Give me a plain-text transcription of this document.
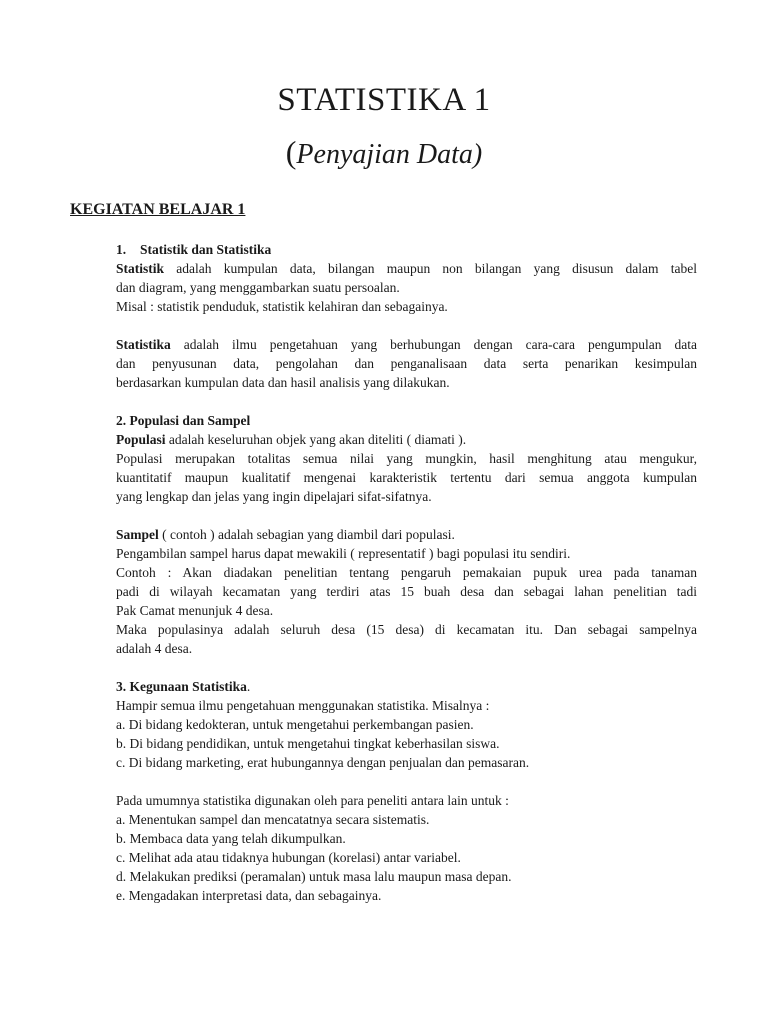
STATISTIKA 1
(Penyajian Data)
KEGIATAN BELAJAR 1
1. Statistik dan Statistika
Statistik adalah kumpulan data, bilangan maupun non bilangan yang disusun dalam tabel
dan diagram, yang menggambarkan suatu persoalan.
Misal : statistik penduduk, statistik kelahiran dan sebagainya.
Statistika adalah ilmu pengetahuan yang berhubungan dengan cara-cara pengumpulan data
dan penyusunan data, pengolahan dan penganalisaan data serta penarikan kesimpulan
berdasarkan kumpulan data dan hasil analisis yang dilakukan.
2. Populasi dan Sampel
Populasi adalah keseluruhan objek yang akan diteliti ( diamati ).
Populasi merupakan totalitas semua nilai yang mungkin, hasil menghitung atau mengukur,
kuantitatif maupun kualitatif mengenai karakteristik tertentu dari semua anggota kumpulan
yang lengkap dan jelas yang ingin dipelajari sifat-sifatnya.
Sampel ( contoh ) adalah sebagian yang diambil dari populasi.
Pengambilan sampel harus dapat mewakili ( representatif ) bagi populasi itu sendiri.
Contoh : Akan diadakan penelitian tentang pengaruh pemakaian pupuk urea pada tanaman
padi di wilayah kecamatan yang terdiri atas 15 buah desa dan sebagai lahan penelitian tadi
Pak Camat menunjuk 4 desa.
Maka populasinya adalah seluruh desa (15 desa) di kecamatan itu. Dan sebagai sampelnya
adalah 4 desa.
3. Kegunaan Statistika.
Hampir semua ilmu pengetahuan menggunakan statistika. Misalnya :
a. Di bidang kedokteran, untuk mengetahui perkembangan pasien.
b. Di bidang pendidikan, untuk mengetahui tingkat keberhasilan siswa.
c. Di bidang marketing, erat hubungannya dengan penjualan dan pemasaran.
Pada umumnya statistika digunakan oleh para peneliti antara lain untuk :
a. Menentukan sampel dan mencatatnya secara sistematis.
b. Membaca data yang telah dikumpulkan.
c. Melihat ada atau tidaknya hubungan (korelasi) antar variabel.
d. Melakukan prediksi (peramalan) untuk masa lalu maupun masa depan.
e. Mengadakan interpretasi data, dan sebagainya.
